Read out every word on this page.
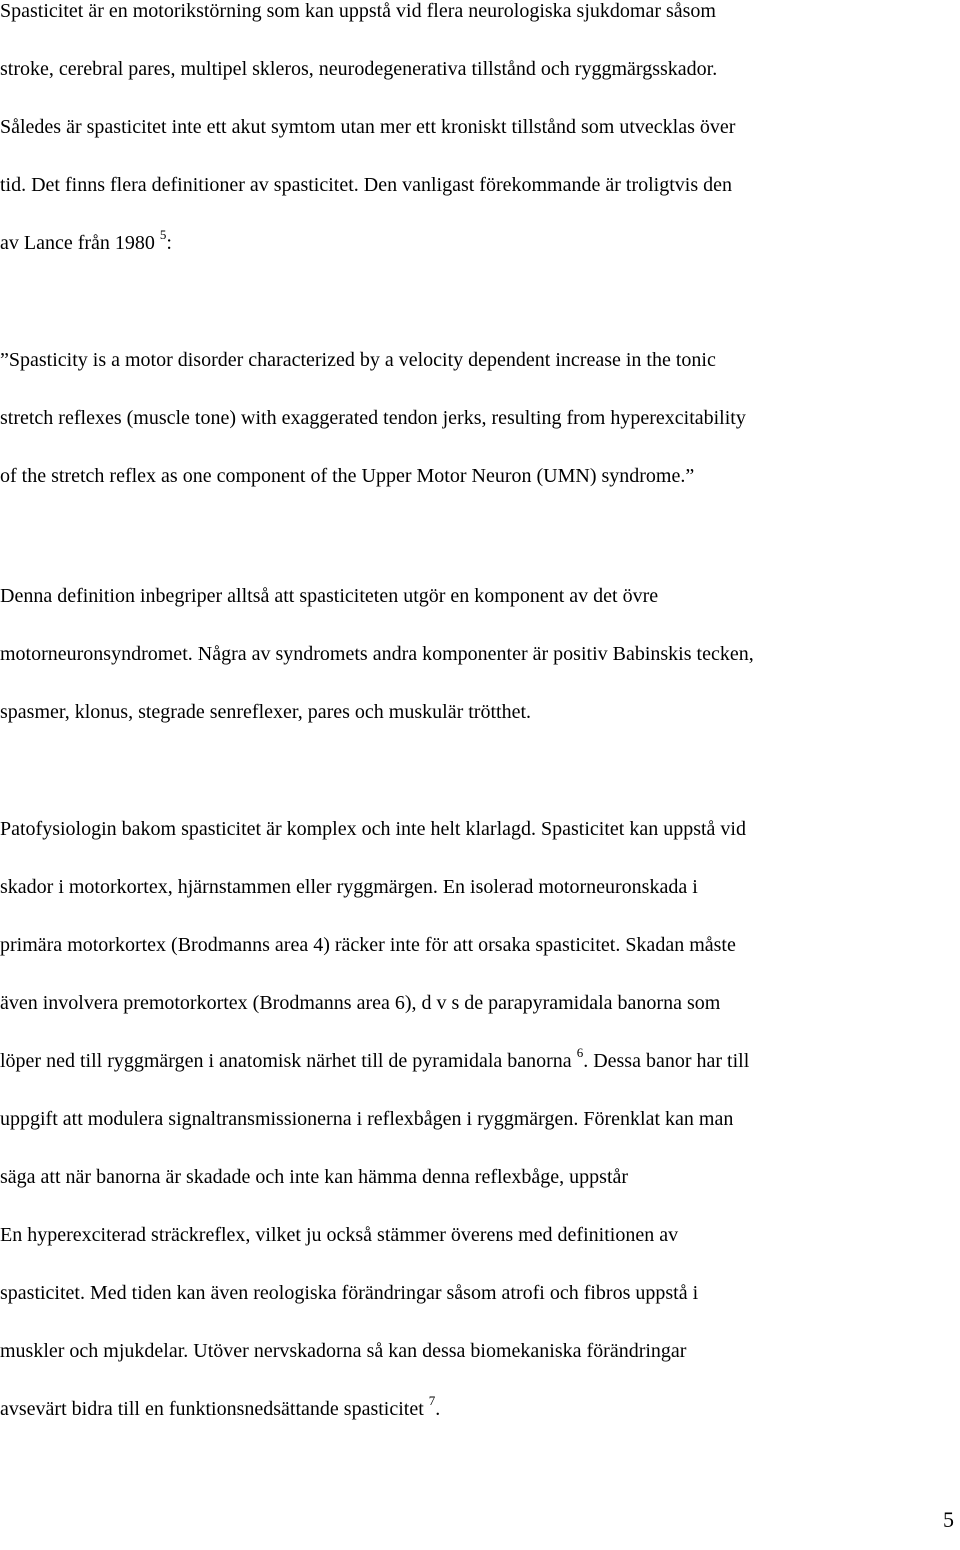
Spasticitet är en motorikstörning som kan uppstå vid flera neurologiska sjukdomar såsom
stroke, cerebral pares, multipel skleros, neurodegenerativa tillstånd och ryggmärgsskador.
Således är spasticitet inte ett akut symtom utan mer ett kroniskt tillstånd som utvecklas över
tid. Det finns flera definitioner av spasticitet. Den vanligast förekommande är troligtvis den
av Lance från 1980 $^5$:

”Spasticity is a motor disorder characterized by a velocity dependent increase in the tonic
stretch reflexes (muscle tone) with exaggerated tendon jerks, resulting from hyperexcitability
of the stretch reflex as one component of the Upper Motor Neuron (UMN) syndrome.”

Denna definition inbegriper alltså att spasticiteten utgör en komponent av det övre
motorneuronsyndromet. Några av syndromets andra komponenter är positiv Babinskis tecken,
spasmer, klonus, stegrade senreflexer, pares och muskulär trötthet.

Patofysiologin bakom spasticitet är komplex och inte helt klarlagd. Spasticitet kan uppstå vid
skador i motorkortex, hjärnstammen eller ryggmärgen. En isolerad motorneuronskada i
primära motorkortex (Brodmanns area 4) räcker inte för att orsaka spasticitet. Skadan måste
även involvera premotorkortex (Brodmanns area 6), d v s de parapyramidala banorna som
löper ned till ryggmärgen i anatomisk närhet till de pyramidala banorna $^6$. Dessa banor har till
uppgift att modulera signaltransmissionerna i reflexbågen i ryggmärgen. Förenklat kan man
säga att när banorna är skadade och inte kan hämma denna reflexbåge, uppstår
En hyperexciterad sträckreflex, vilket ju också stämmer överens med definitionen av
spasticitet. Med tiden kan även reologiska förändringar såsom atrofi och fibros uppstå i
muskler och mjukdelar. Utöver nervskadorna så kan dessa biomekaniska förändringar
avsevärt bidra till en funktionsnedsättande spasticitet $^7$.

5
